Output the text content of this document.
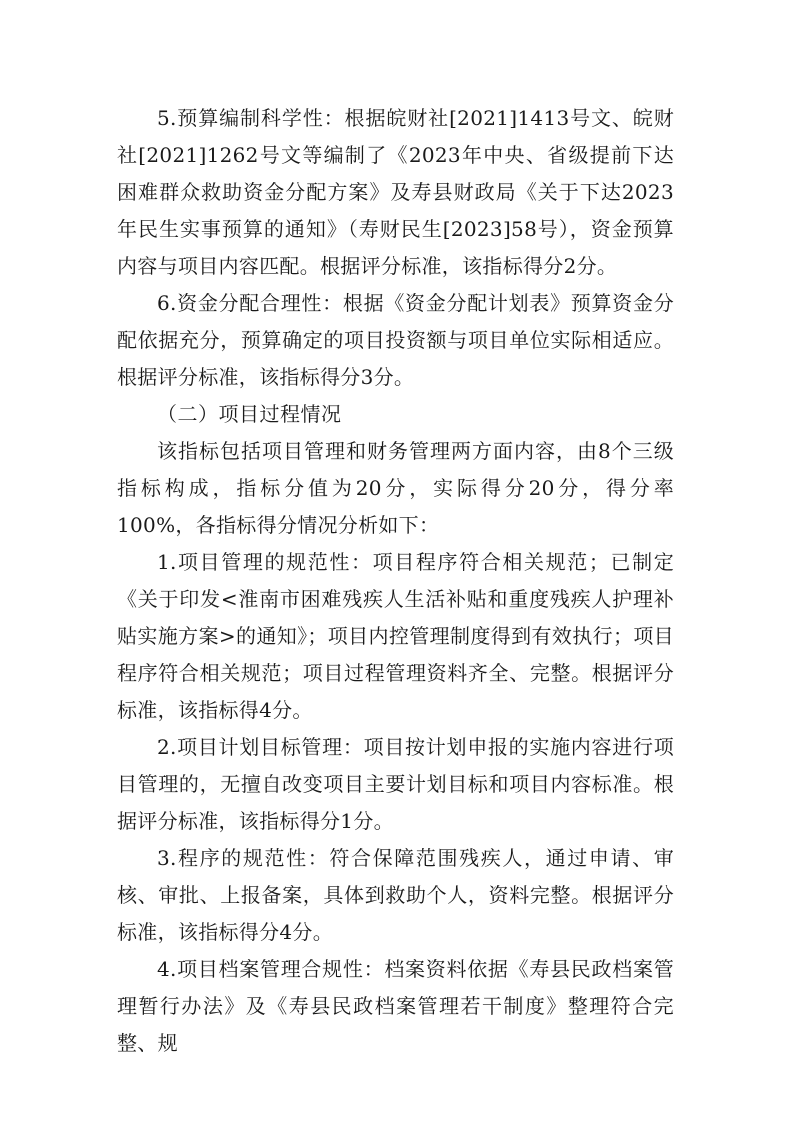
5.预算编制科学性：根据皖财社[2021]1413号文、皖财社[2021]1262号文等编制了《2023年中央、省级提前下达困难群众救助资金分配方案》及寿县财政局《关于下达2023年民生实事预算的通知》（寿财民生[2023]58号），资金预算内容与项目内容匹配。根据评分标准，该指标得分2分。

6.资金分配合理性：根据《资金分配计划表》预算资金分配依据充分，预算确定的项目投资额与项目单位实际相适应。根据评分标准，该指标得分3分。

（二）项目过程情况

该指标包括项目管理和财务管理两方面内容，由8个三级指标构成，指标分值为20分，实际得分20分，得分率100%，各指标得分情况分析如下：

1.项目管理的规范性：项目程序符合相关规范；已制定《关于印发<淮南市困难残疾人生活补贴和重度残疾人护理补贴实施方案>的通知》；项目内控管理制度得到有效执行；项目程序符合相关规范；项目过程管理资料齐全、完整。根据评分标准，该指标得4分。

2.项目计划目标管理：项目按计划申报的实施内容进行项目管理的，无擅自改变项目主要计划目标和项目内容标准。根据评分标准，该指标得分1分。

3.程序的规范性：符合保障范围残疾人，通过申请、审核、审批、上报备案，具体到救助个人，资料完整。根据评分标准，该指标得分4分。

4.项目档案管理合规性：档案资料依据《寿县民政档案管理暂行办法》及《寿县民政档案管理若干制度》整理符合完整、规
